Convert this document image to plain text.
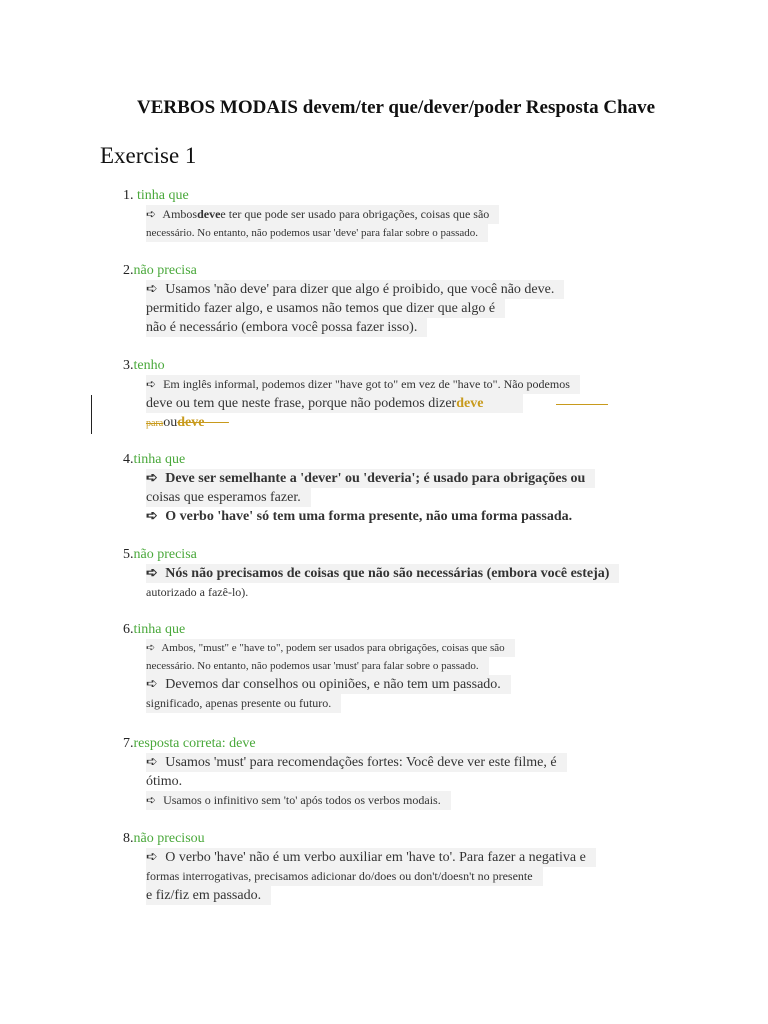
VERBOS MODAIS devem/ter que/dever/poder Resposta Chave
Exercise 1
1. tinha que
➪ Ambosdevee ter que pode ser usado para obrigações, coisas que são
necessário. No entanto, não podemos usar 'deve' para falar sobre o passado.
2.não precisa
➪ Usamos 'não deve' para dizer que algo é proibido, que você não deve.
permitido fazer algo, e usamos não temos que dizer que algo é
não é necessário (embora você possa fazer isso).
3.tenho
➪ Em inglês informal, podemos dizer "have got to" em vez de "have to". Não podemos
deve ou tem que neste frase, porque não podemos dizerdeve
paraoudeve
4.tinha que
➪ Deve ser semelhante a 'dever' ou 'deveria'; é usado para obrigações ou
coisas que esperamos fazer.
➪ O verbo 'have' só tem uma forma presente, não uma forma passada.
5.não precisa
➪ Nós não precisamos de coisas que não são necessárias (embora você esteja)
autorizado a fazê-lo).
6.tinha que
➪ Ambos, "must" e "have to", podem ser usados para obrigações, coisas que são
necessário. No entanto, não podemos usar 'must' para falar sobre o passado.
➪ Devemos dar conselhos ou opiniões, e não tem um passado.
significado, apenas presente ou futuro.
7.resposta correta: deve
➪ Usamos 'must' para recomendações fortes: Você deve ver este filme, é
ótimo.
➪ Usamos o infinitivo sem 'to' após todos os verbos modais.
8.não precisou
➪ O verbo 'have' não é um verbo auxiliar em 'have to'. Para fazer a negativa e
formas interrogativas, precisamos adicionar do/does ou don't/doesn't no presente
e fiz/fiz em passado.
